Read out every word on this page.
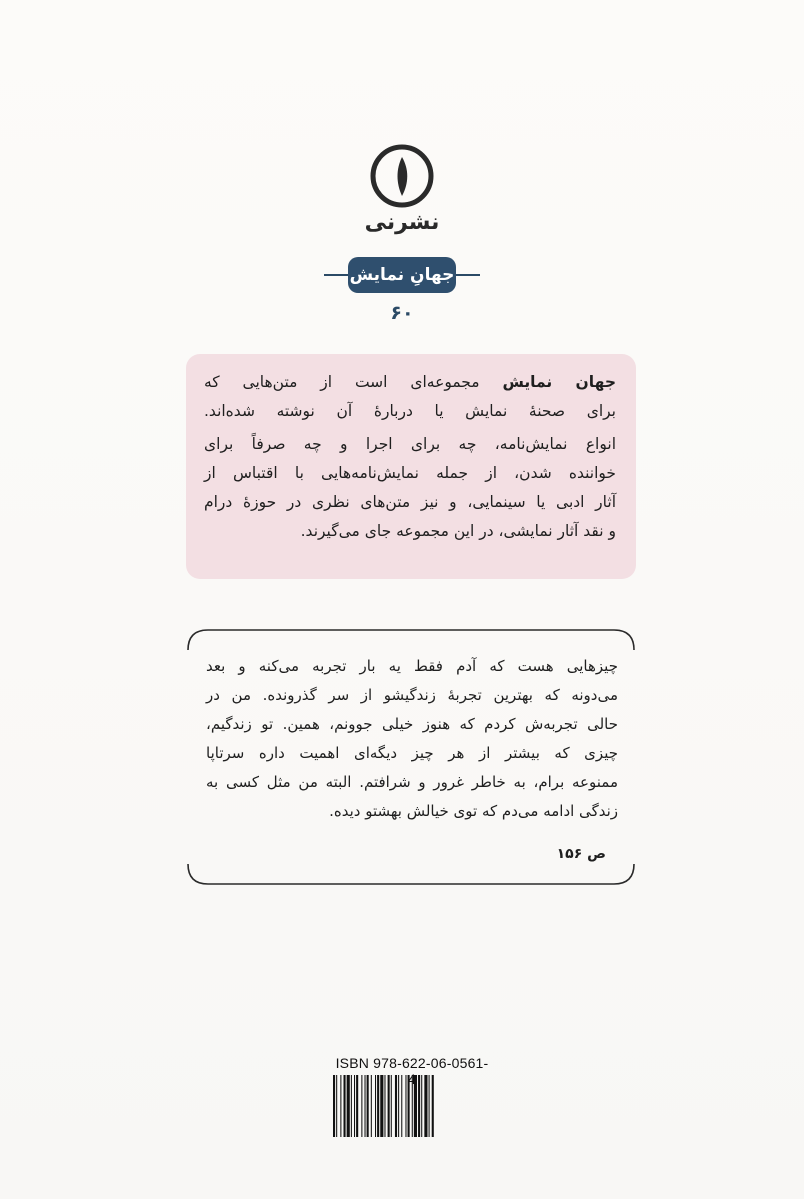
نشرنی
جهانِ نمایش
۶۰

جهان نمایش مجموعه‌ای است از متن‌هایی که

برای صحنهٔ نمایش یا دربارهٔ آن نوشته شده‌اند.

انواع نمایش‌نامه، چه برای اجرا و چه صرفاً برای

خواننده شدن، از جمله نمایش‌نامه‌هایی با اقتباس از

آثار ادبی یا سینمایی، و نیز متن‌های نظری در حوزهٔ درام

و نقد آثار نمایشی، در این مجموعه جای می‌گیرند.

چیزهایی هست که آدم فقط یه بار تجربه می‌کنه و بعد

می‌دونه که بهترین تجربهٔ زندگیشو از سر گذرونده. من در

حالی تجربه‌ش کردم که هنوز خیلی جوونم، همین. تو زندگیم،

چیزی که بیشتر از هر چیز دیگه‌ای اهمیت داره سرتاپا

ممنوعه برام، به خاطر غرور و شرافتم. البته من مثل کسی به

زندگی ادامه می‌دم که توی خیالش بهشتو دیده.

ص ۱۵۶
ISBN 978-622-06-0561-4
